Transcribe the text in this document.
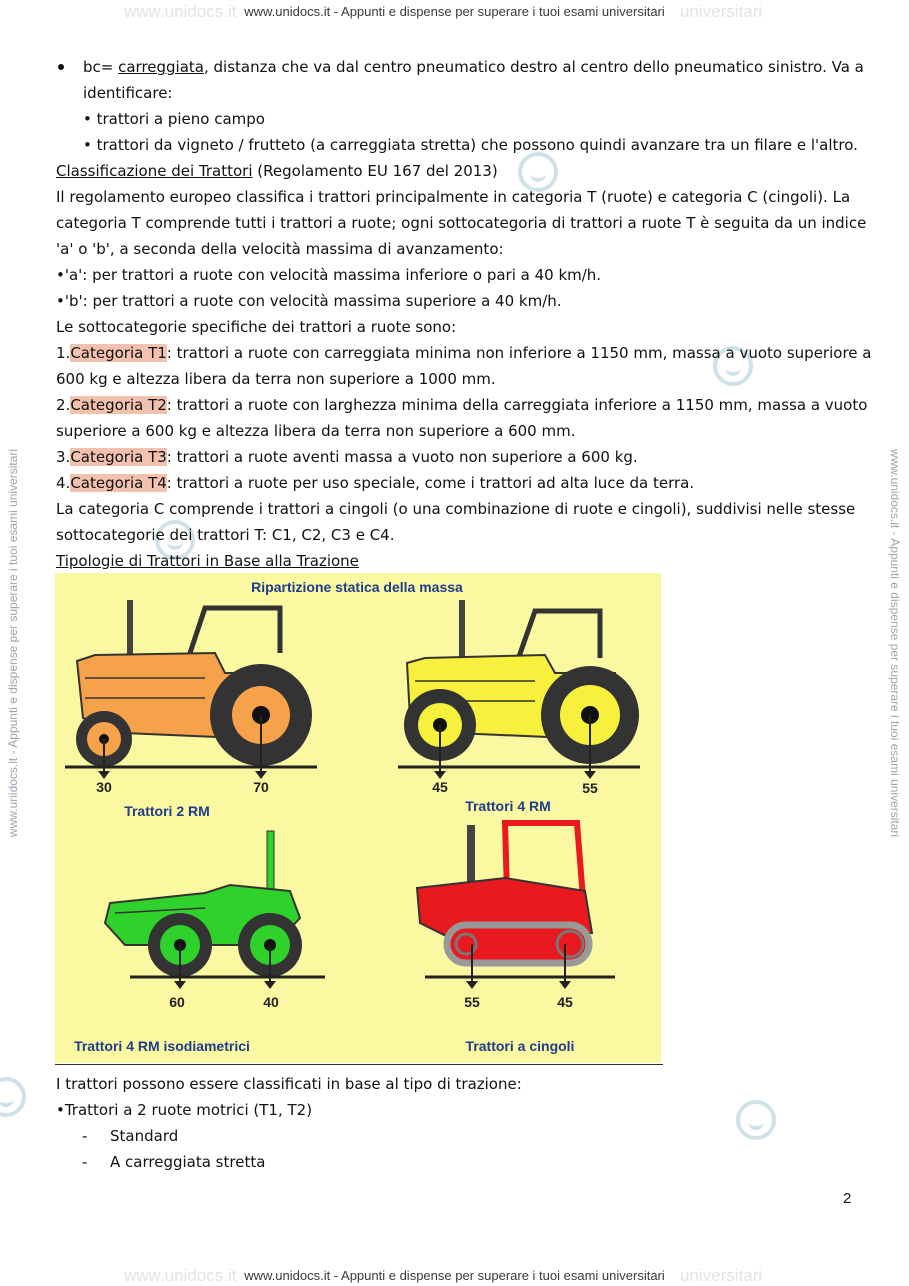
www.unidocs.it	universitari
www.unidocs.it - Appunti e dispense per superare i tuoi esami universitari
www.unidocs.it - Appunti e dispense per superare i tuoi esami universitari	www.unidocs.it - Appunti e dispense per superare i tuoi esami universitari
bc= carreggiata, distanza che va dal centro pneumatico destro al centro dello pneumatico sinistro. Va a
identificare:
• trattori a pieno campo
• trattori da vigneto / frutteto (a carreggiata stretta) che possono quindi avanzare tra un filare e l'altro.
Classificazione dei Trattori (Regolamento EU 167 del 2013)
Il regolamento europeo classifica i trattori principalmente in categoria T (ruote) e categoria C (cingoli). La
categoria T comprende tutti i trattori a ruote; ogni sottocategoria di trattori a ruote T è seguita da un indice
'a' o 'b', a seconda della velocità massima di avanzamento:
•'a': per trattori a ruote con velocità massima inferiore o pari a 40 km/h.
•'b': per trattori a ruote con velocità massima superiore a 40 km/h.
Le sottocategorie specifiche dei trattori a ruote sono:
1.Categoria T1: trattori a ruote con carreggiata minima non inferiore a 1150 mm, massa a vuoto superiore a
600 kg e altezza libera da terra non superiore a 1000 mm.
2.Categoria T2: trattori a ruote con larghezza minima della carreggiata inferiore a 1150 mm, massa a vuoto
superiore a 600 kg e altezza libera da terra non superiore a 600 mm.
3.Categoria T3: trattori a ruote aventi massa a vuoto non superiore a 600 kg.
4.Categoria T4: trattori a ruote per uso speciale, come i trattori ad alta luce da terra.
La categoria C comprende i trattori a cingoli (o una combinazione di ruote e cingoli), suddivisi nelle stesse
sottocategorie dei trattori T: C1, C2, C3 e C4.
Tipologie di Trattori in Base alla Trazione
Ripartizione statica della massa
30	70
Trattori 2 RM
45	55
Trattori 4 RM
60	40
Trattori 4 RM isodiametrici
55	45
Trattori a cingoli
I trattori possono essere classificati in base al tipo di trazione:
•Trattori a 2 ruote motrici (T1, T2)
- Standard
- A carreggiata stretta
2
www.unidocs.it	universitari
www.unidocs.it - Appunti e dispense per superare i tuoi esami universitari
